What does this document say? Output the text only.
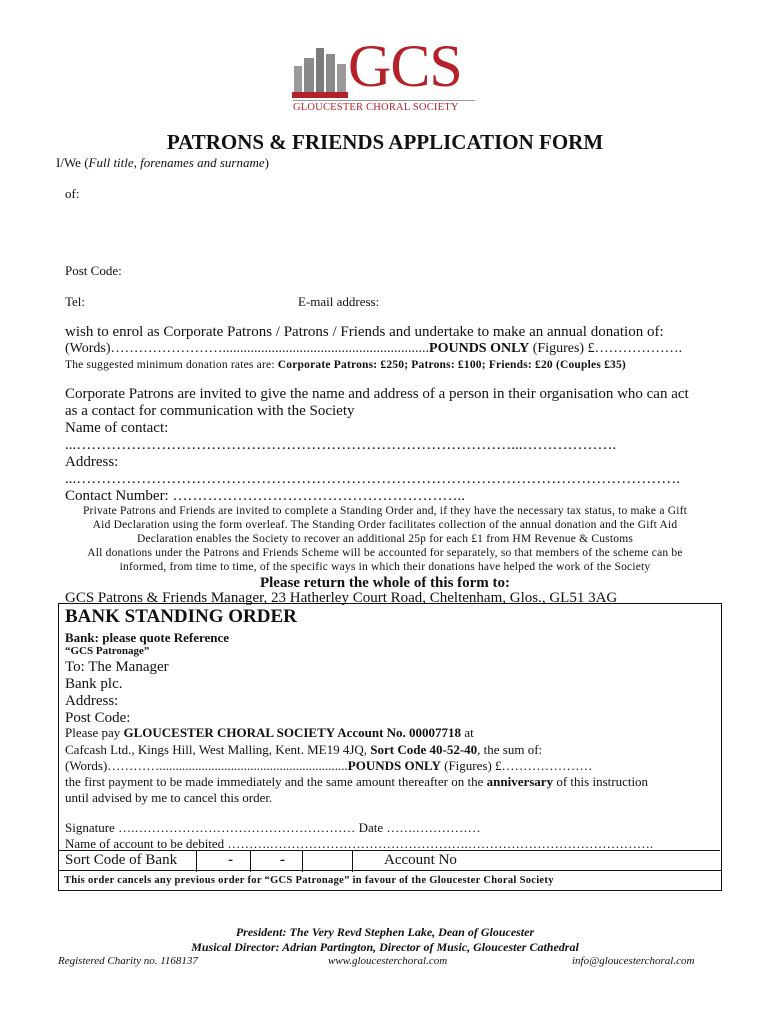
GCS
GLOUCESTER CHORAL SOCIETY
PATRONS & FRIENDS APPLICATION FORM
I/We (Full title, forenames and surname)
of:
Post Code:
Tel:	E-mail address:
wish to enrol as Corporate Patrons / Patrons / Friends and undertake to make an annual donation of:
(Words)……………………...........................................................POUNDS ONLY (Figures) £……………….
The suggested minimum donation rates are: Corporate Patrons: £250; Patrons: £100; Friends: £20 (Couples £35)
Corporate Patrons are invited to give the name and address of a person in their organisation who can act
as a contact for communication with the Society
Name of contact:
...……………………………………………………………………………...……………….
Address:
...………………………………………………………………………………………………………….
Contact Number: …………………………………………………..
Private Patrons and Friends are invited to complete a Standing Order and, if they have the necessary tax status, to make a Gift
Aid Declaration using the form overleaf. The Standing Order facilitates collection of the annual donation and the Gift Aid
Declaration enables the Society to recover an additional 25p for each £1 from HM Revenue & Customs
All donations under the Patrons and Friends Scheme will be accounted for separately, so that members of the scheme can be
informed, from time to time, of the specific ways in which their donations have helped the work of the Society
Please return the whole of this form to:
GCS Patrons & Friends Manager, 23 Hatherley Court Road, Cheltenham, Glos., GL51 3AG
BANK STANDING ORDER
Bank: please quote Reference
“GCS Patronage”
To: The Manager
Bank plc.
Address:
Post Code:
Please pay GLOUCESTER CHORAL SOCIETY Account No. 00007718 at
Cafcash Ltd., Kings Hill, West Malling, Kent. ME19 4JQ, Sort Code 40-52-40, the sum of:
(Words)…………..........................................................POUNDS ONLY (Figures) £…………………
the first payment to be made immediately and the same amount thereafter on the anniversary of this instruction
until advised by me to cancel this order.
Signature ….…………………………………………… Date …….……………
Name of account to be debited ……….……………………………………….…………………………………….
Sort Code of Bank	-	-	Account No
This order cancels any previous order for “GCS Patronage” in favour of the Gloucester Choral Society
President: The Very Revd Stephen Lake, Dean of Gloucester
Musical Director: Adrian Partington, Director of Music, Gloucester Cathedral
Registered Charity no. 1168137	www.gloucesterchoral.com	info@gloucesterchoral.com
